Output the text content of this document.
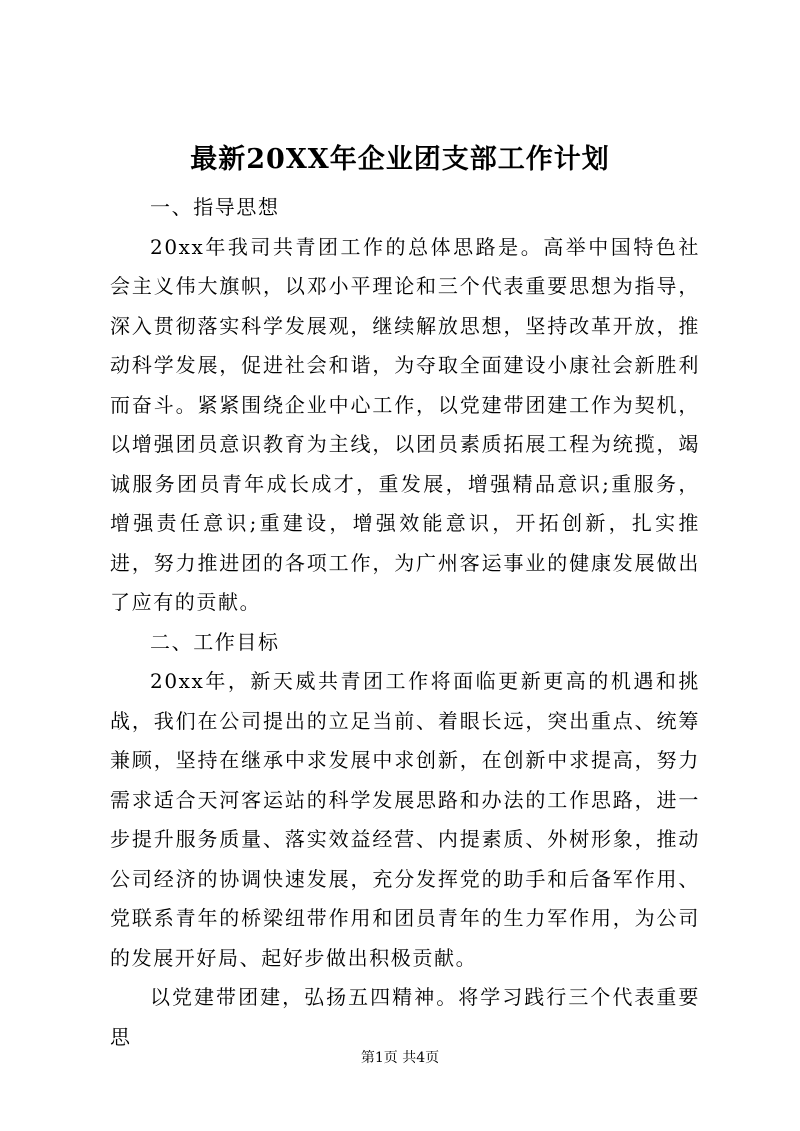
最新20XX年企业团支部工作计划

一、指导思想

20xx年我司共青团工作的总体思路是。高举中国特色社会主义伟大旗帜，以邓小平理论和三个代表重要思想为指导，深入贯彻落实科学发展观，继续解放思想，坚持改革开放，推动科学发展，促进社会和谐，为夺取全面建设小康社会新胜利而奋斗。紧紧围绕企业中心工作，以党建带团建工作为契机，以增强团员意识教育为主线，以团员素质拓展工程为统揽，竭诚服务团员青年成长成才，重发展，增强精品意识;重服务，增强责任意识;重建设，增强效能意识，开拓创新，扎实推进，努力推进团的各项工作，为广州客运事业的健康发展做出了应有的贡献。

二、工作目标

20xx年，新天威共青团工作将面临更新更高的机遇和挑战，我们在公司提出的立足当前、着眼长远，突出重点、统筹兼顾，坚持在继承中求发展中求创新，在创新中求提高，努力需求适合天河客运站的科学发展思路和办法的工作思路，进一步提升服务质量、落实效益经营、内提素质、外树形象，推动公司经济的协调快速发展，充分发挥党的助手和后备军作用、党联系青年的桥梁纽带作用和团员青年的生力军作用，为公司的发展开好局、起好步做出积极贡献。

以党建带团建，弘扬五四精神。将学习践行三个代表重要思

第1页 共4页
